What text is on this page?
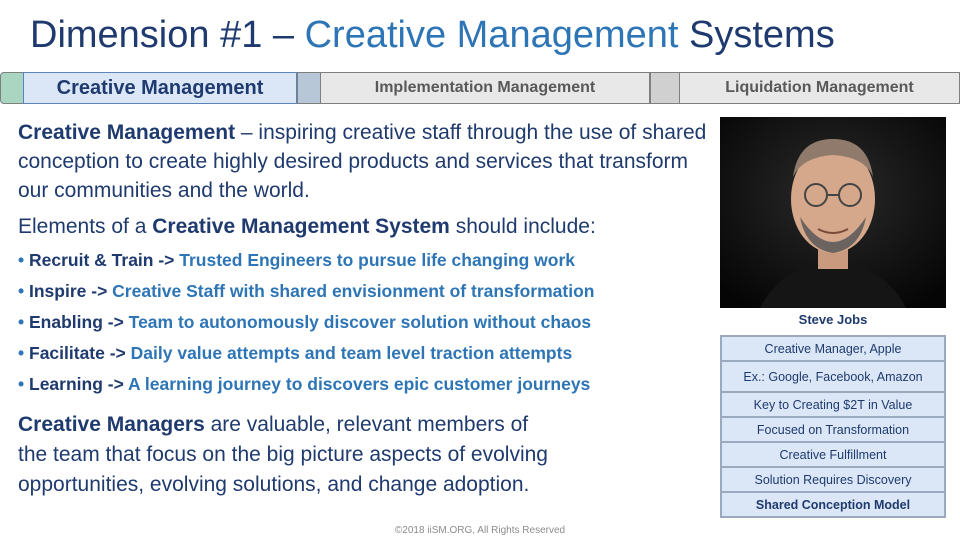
Dimension #1 – Creative Management Systems
Creative Management	Implementation Management	Liquidation Management

Creative Management – inspiring creative staff through the use of shared conception to create highly desired products and services that transform our communities and the world.

Elements of a Creative Management System should include:

• Recruit & Train -> Trusted Engineers to pursue life changing work
• Inspire -> Creative Staff with shared envisionment of transformation
• Enabling -> Team to autonomously discover solution without chaos
• Facilitate -> Daily value attempts and team level traction attempts
• Learning -> A learning journey to discovers epic customer journeys

Creative Managers are valuable, relevant members of
the team that focus on the big picture aspects of evolving
opportunities, evolving solutions, and change adoption.

Steve Jobs
Creative Manager, Apple
Ex.: Google, Facebook, Amazon
Key to Creating $2T in Value
Focused on Transformation
Creative Fulfillment
Solution Requires Discovery
Shared Conception Model
©2018 iiSM.ORG, All Rights Reserved
